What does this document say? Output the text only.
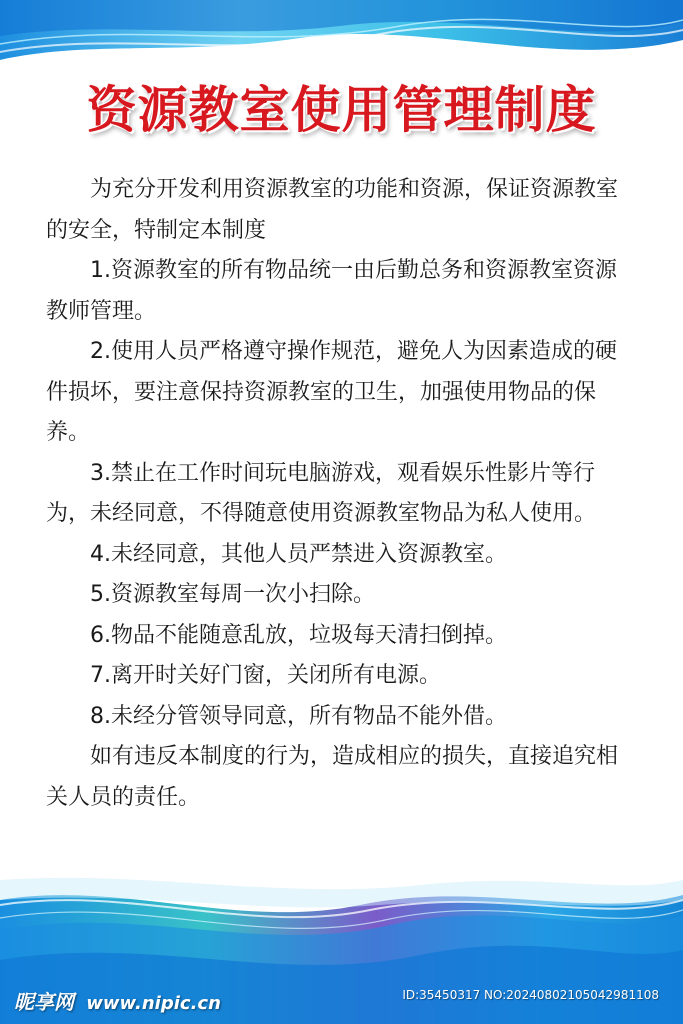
资源教室使用管理制度

为充分开发利用资源教室的功能和资源，保证资源教室的安全，特制定本制度

1.资源教室的所有物品统一由后勤总务和资源教室资源教师管理。

2.使用人员严格遵守操作规范，避免人为因素造成的硬件损坏，要注意保持资源教室的卫生，加强使用物品的保养。

3.禁止在工作时间玩电脑游戏，观看娱乐性影片等行为，未经同意，不得随意使用资源教室物品为私人使用。

4.未经同意，其他人员严禁进入资源教室。

5.资源教室每周一次小扫除。

6.物品不能随意乱放，垃圾每天清扫倒掉。

7.离开时关好门窗，关闭所有电源。

8.未经分管领导同意，所有物品不能外借。

如有违反本制度的行为，造成相应的损失，直接追究相关人员的责任。

昵享网 www.nipic.cn	ID:35450317 NO:20240802105042981108
